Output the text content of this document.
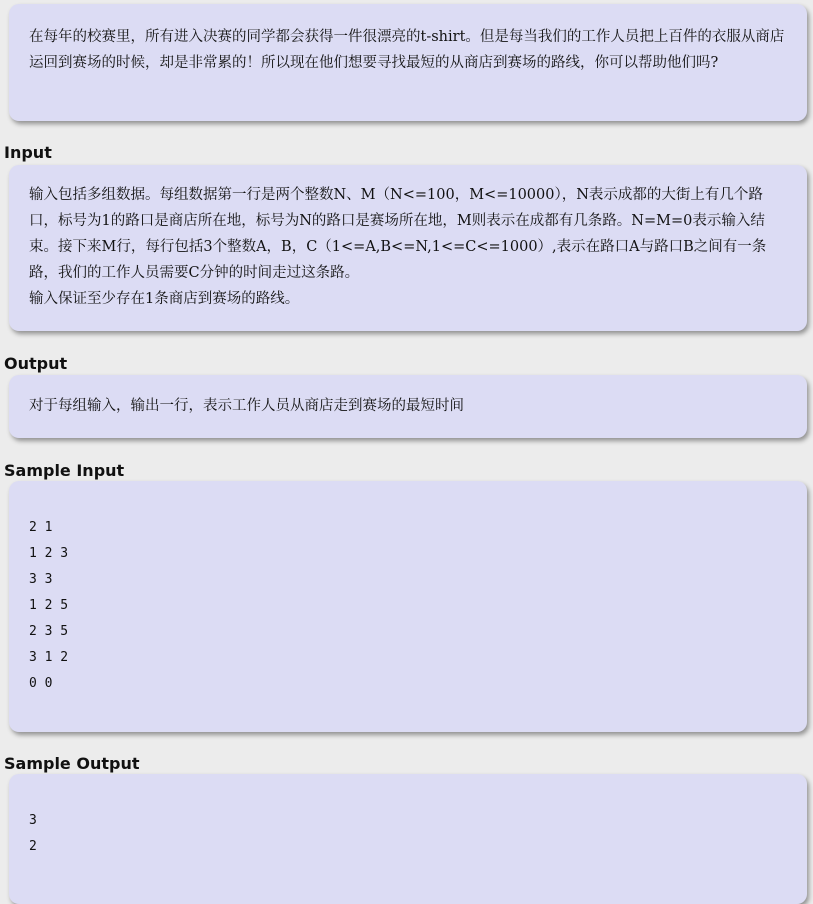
在每年的校赛里，所有进入决赛的同学都会获得一件很漂亮的t-shirt。但是每当我们的工作人员把上百件的衣服从商店运回到赛场的时候，却是非常累的！所以现在他们想要寻找最短的从商店到赛场的路线，你可以帮助他们吗?
Input
输入包括多组数据。每组数据第一行是两个整数N、M（N<=100，M<=10000），N表示成都的大街上有几个路口，标号为1的路口是商店所在地，标号为N的路口是赛场所在地，M则表示在成都有几条路。N=M=0表示输入结束。接下来M行，每行包括3个整数A，B，C（1<=A,B<=N,1<=C<=1000）,表示在路口A与路口B之间有一条路，我们的工作人员需要C分钟的时间走过这条路。
输入保证至少存在1条商店到赛场的路线。
Output
对于每组输入，输出一行，表示工作人员从商店走到赛场的最短时间
Sample Input
2 1
1 2 3
3 3
1 2 5
2 3 5
3 1 2
0 0
Sample Output
3
2
